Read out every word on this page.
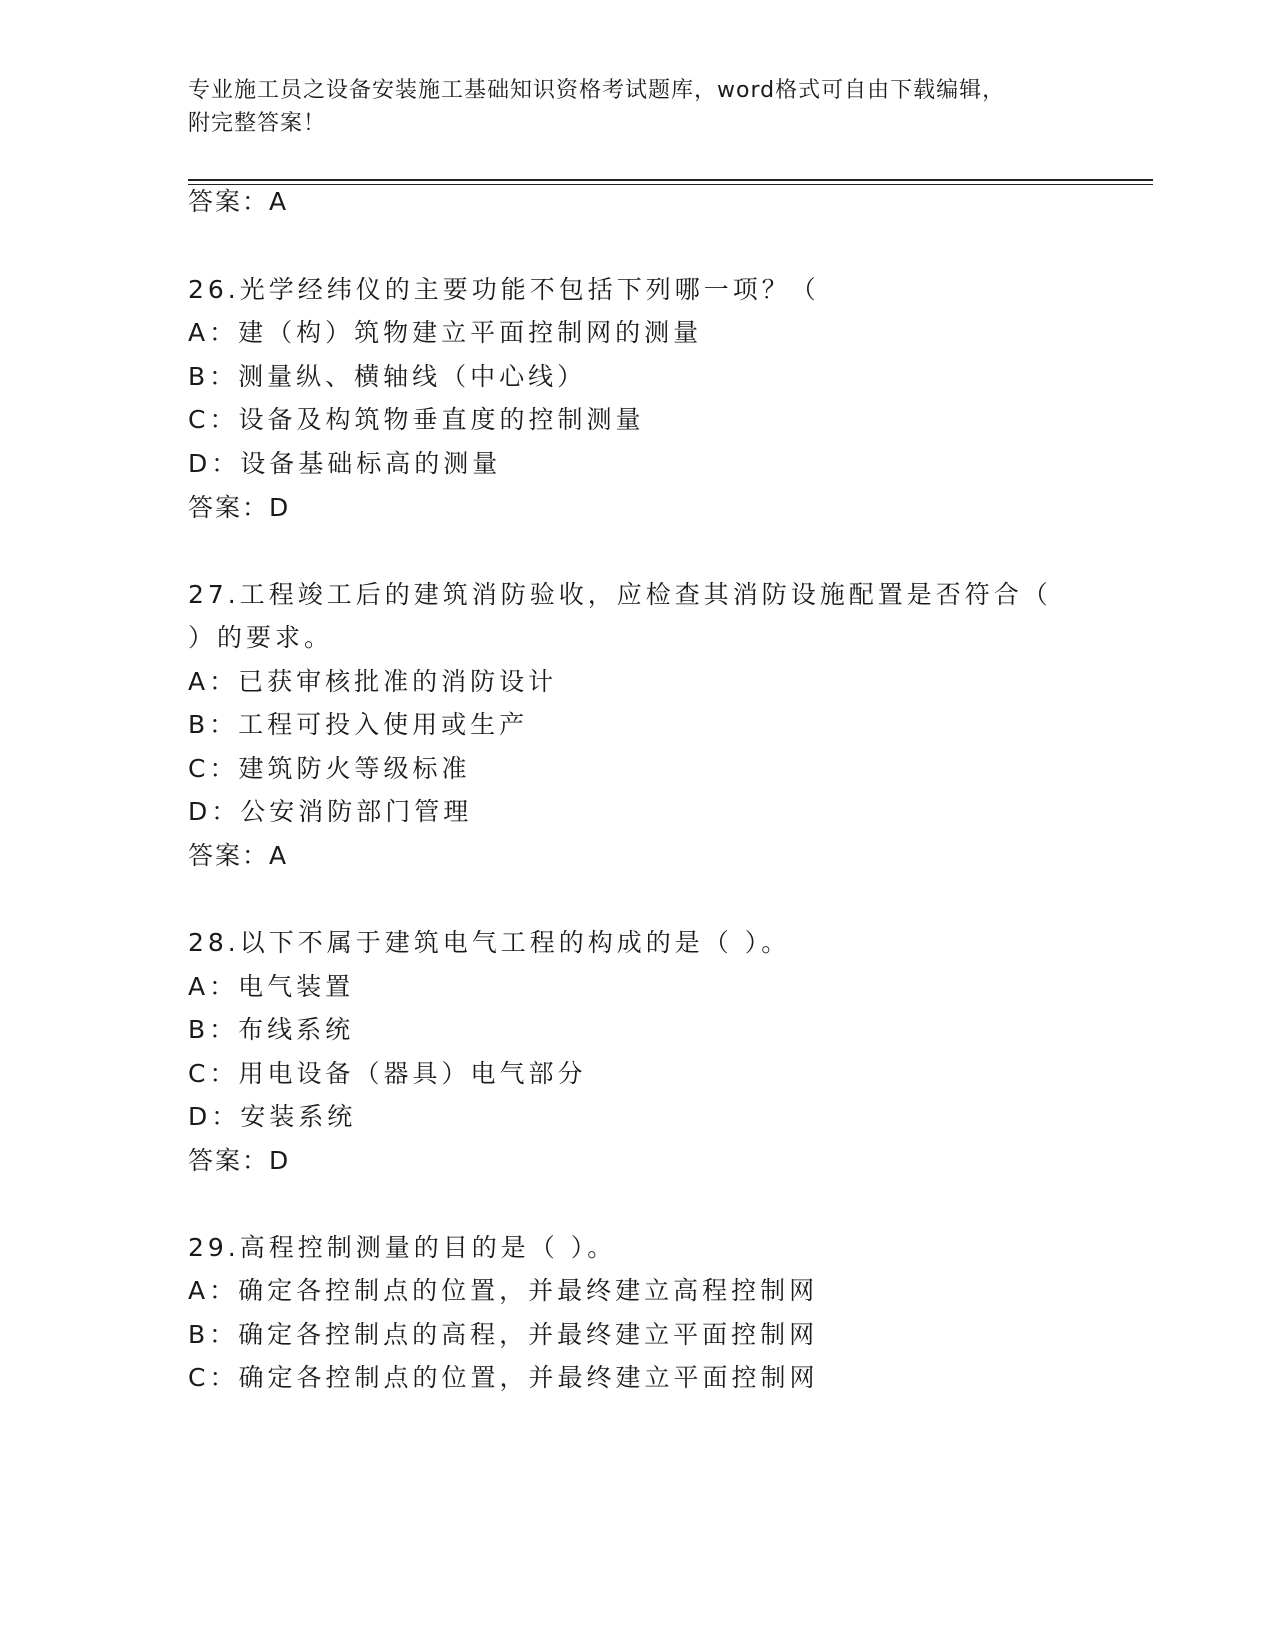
专业施工员之设备安装施工基础知识资格考试题库，word格式可自由下载编辑，
附完整答案！
答案：A
26.光学经纬仪的主要功能不包括下列哪一项？（
A：建（构）筑物建立平面控制网的测量
B：测量纵、横轴线（中心线）
C：设备及构筑物垂直度的控制测量
D：设备基础标高的测量
答案：D
27.工程竣工后的建筑消防验收，应检查其消防设施配置是否符合（
）的要求。
A：已获审核批准的消防设计
B：工程可投入使用或生产
C：建筑防火等级标准
D：公安消防部门管理
答案：A
28.以下不属于建筑电气工程的构成的是（ ）。
A：电气装置
B：布线系统
C：用电设备（器具）电气部分
D：安装系统
答案：D
29.高程控制测量的目的是（ ）。
A：确定各控制点的位置，并最终建立高程控制网
B：确定各控制点的高程，并最终建立平面控制网
C：确定各控制点的位置，并最终建立平面控制网
